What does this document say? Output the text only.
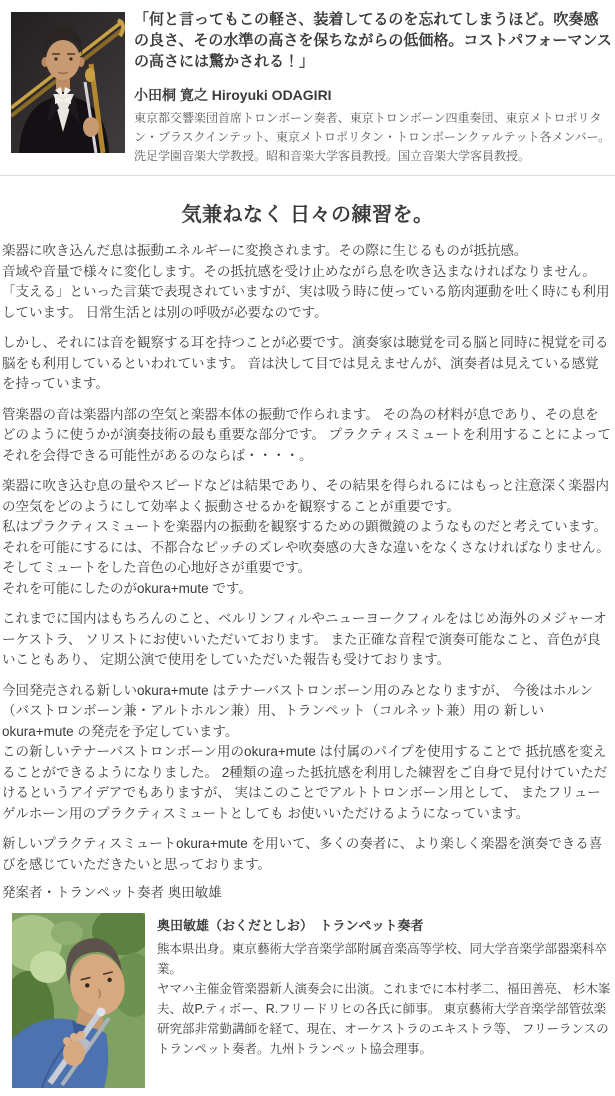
「何と言ってもこの軽さ、装着してるのを忘れてしまうほど。吹奏感の良さ、その水準の高さを保ちながらの低価格。コストパフォーマンスの高さには驚かされる！」

小田桐 寛之 Hiroyuki ODAGIRI
東京都交響楽団首席トロンボーン奏者、東京トロンボーン四重奏団、東京メトロポリタン・ブラスクインテット、東京メトロポリタン・トロンボーンクァルテット各メンバー。洗足学園音楽大学教授。昭和音楽大学客員教授。国立音楽大学客員教授。
気兼ねなく 日々の練習を。

楽器に吹き込んだ息は振動エネルギーに変換されます。その際に生じるものが抵抗感。
音域や音量で様々に変化します。その抵抗感を受け止めながら息を吹き込まなければなりません。
「支える」といった言葉で表現されていますが、実は吸う時に使っている筋肉運動を吐く時にも利用しています。 日常生活とは別の呼吸が必要なのです。

しかし、それには音を観察する耳を持つことが必要です。演奏家は聴覚を司る脳と同時に視覚を司る脳をも利用しているといわれています。 音は決して目では見えませんが、演奏者は見えている感覚を持っています。

管楽器の音は楽器内部の空気と楽器本体の振動で作られます。 その為の材料が息であり、その息をどのように使うかが演奏技術の最も重要な部分です。 プラクティスミュートを利用することによってそれを会得できる可能性があるのならば・・・・。

楽器に吹き込む息の量やスピードなどは結果であり、その結果を得られるにはもっと注意深く楽器内の空気をどのようにして効率よく振動させるかを観察することが重要です。
私はプラクティスミュートを楽器内の振動を観察するための顕微鏡のようなものだと考えています。 それを可能にするには、不都合なピッチのズレや吹奏感の大きな違いをなくさなければなりません。 そしてミュートをした音色の心地好さが重要です。
それを可能にしたのがokura+mute です。

これまでに国内はもちろんのこと、ベルリンフィルやニューヨークフィルをはじめ海外のメジャーオーケストラ、 ソリストにお使いいただいております。 また正確な音程で演奏可能なこと、音色が良いこともあり、 定期公演で使用をしていただいた報告も受けております。

今回発売される新しいokura+mute はテナーバストロンボーン用のみとなりますが、 今後はホルン（バストロンボーン兼・アルトホルン兼）用、トランペット（コルネット兼）用の 新しいokura+mute の発売を予定しています。
この新しいテナーバストロンボーン用のokura+mute は付属のパイプを使用することで 抵抗感を変えることができるようになりました。 2種類の違った抵抗感を利用した練習をご自身で見付けていただけるというアイデアでもありますが、 実はこのことでアルトトロンボーン用として、 またフリューゲルホーン用のプラクティスミュートとしても お使いいただけるようになっています。

新しいプラクティスミュートokura+mute を用いて、多くの奏者に、より楽しく楽器を演奏できる喜びを感じていただきたいと思っております。

発案者・トランペット奏者 奥田敏雄
奥田敏雄（おくだとしお）　トランペット奏者
熊本県出身。東京藝術大学音楽学部附属音楽高等学校、同大学音楽学部器楽科卒業。
ヤマハ主催金管楽器新人演奏会に出演。これまでに本村孝二、福田善亮、 杉木峯夫、故P.ティボー、R.フリードリヒの各氏に師事。 東京藝術大学音楽学部管弦楽研究部非常勤講師を経て、現在、オーケストラのエキストラ等、 フリーランスのトランペット奏者。九州トランペット協会理事。
